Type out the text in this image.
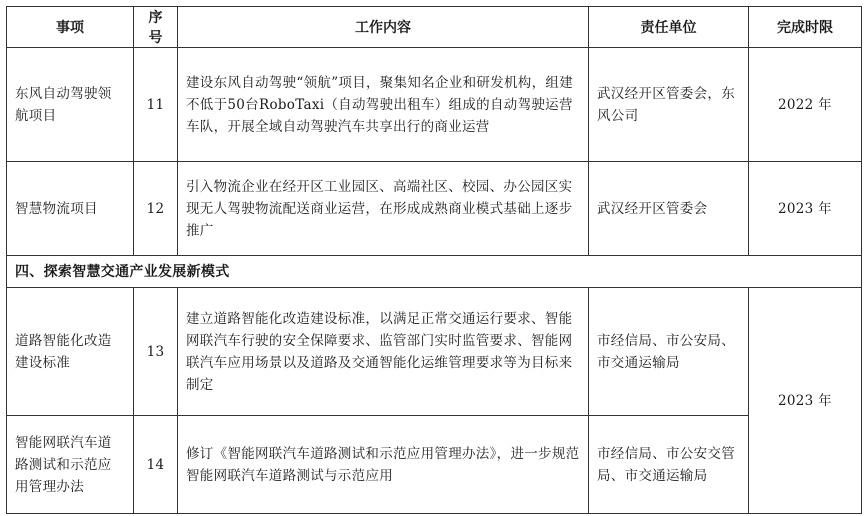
事项	序号	工作内容	责任单位	完成时限
东风自动驾驶领航项目	11	建设东风自动驾驶“领航”项目，聚集知名企业和研发机构，组建不低于50台RoboTaxi（自动驾驶出租车）组成的自动驾驶运营车队，开展全域自动驾驶汽车共享出行的商业运营	武汉经开区管委会，东风公司	2022 年
智慧物流项目	12	引入物流企业在经开区工业园区、高端社区、校园、办公园区实现无人驾驶物流配送商业运营，在形成成熟商业模式基础上逐步推广	武汉经开区管委会	2023 年
四、探索智慧交通产业发展新模式				
道路智能化改造建设标准	13	建立道路智能化改造建设标准，以满足正常交通运行要求、智能网联汽车行驶的安全保障要求、监管部门实时监管要求、智能网联汽车应用场景以及道路及交通智能化运维管理要求等为目标来制定	市经信局、市公安局、市交通运输局	2023 年
智能网联汽车道路测试和示范应用管理办法	14	修订《智能网联汽车道路测试和示范应用管理办法》，进一步规范智能网联汽车道路测试与示范应用	市经信局、市公安交管局、市交通运输局	
